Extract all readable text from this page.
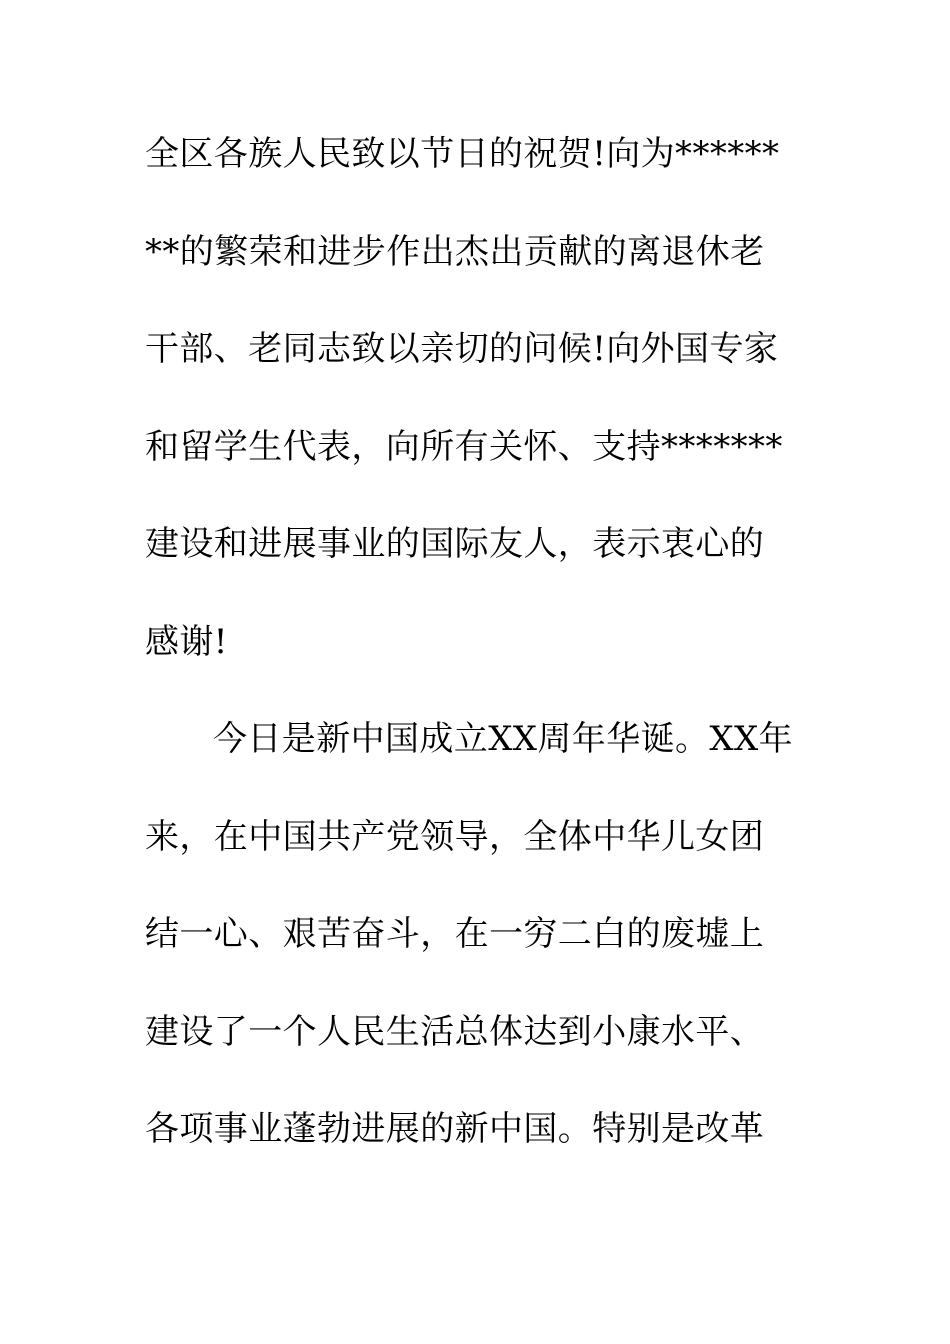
全区各族人民致以节日的祝贺!向为******
**的繁荣和进步作出杰出贡献的离退休老
干部、老同志致以亲切的问候!向外国专家
和留学生代表，向所有关怀、支持*******
建设和进展事业的国际友人，表示衷心的
感谢!
今日是新中国成立XX周年华诞。XX年
来，在中国共产党领导，全体中华儿女团
结一心、艰苦奋斗，在一穷二白的废墟上
建设了一个人民生活总体达到小康水平、
各项事业蓬勃进展的新中国。特别是改革
